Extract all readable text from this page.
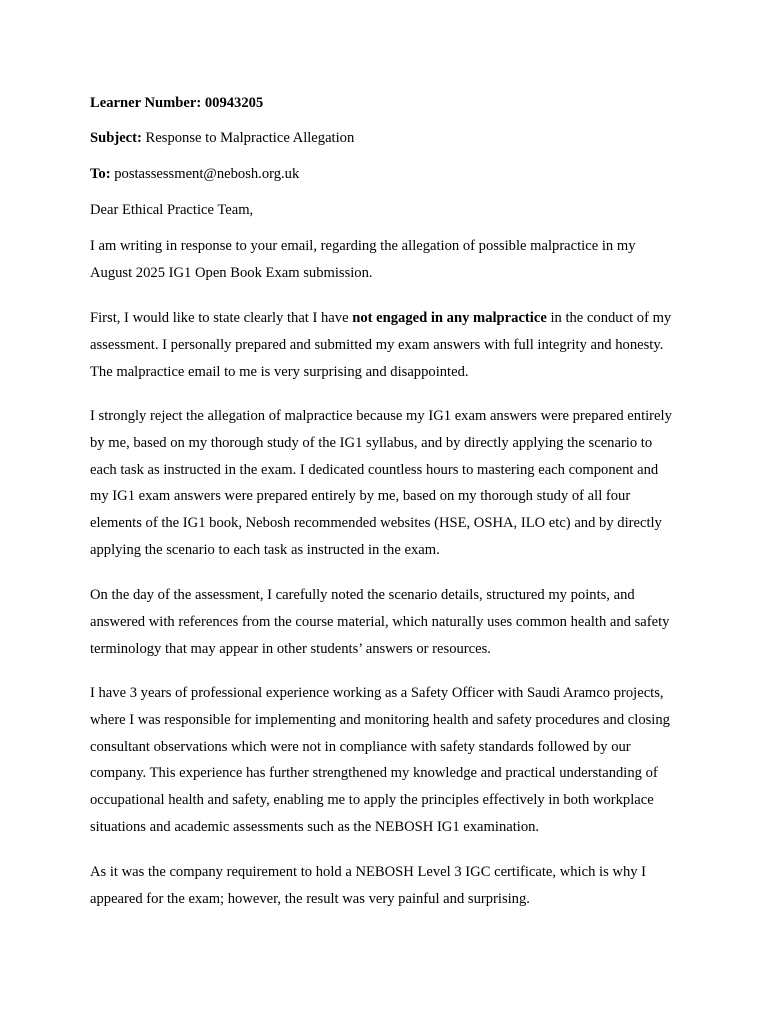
Learner Number: 00943205
Subject: Response to Malpractice Allegation
To: postassessment@nebosh.org.uk
Dear Ethical Practice Team,

I am writing in response to your email, regarding the allegation of possible malpractice in my August 2025 IG1 Open Book Exam submission.

First, I would like to state clearly that I have not engaged in any malpractice in the conduct of my assessment. I personally prepared and submitted my exam answers with full integrity and honesty. The malpractice email to me is very surprising and disappointed.

I strongly reject the allegation of malpractice because my IG1 exam answers were prepared entirely by me, based on my thorough study of the IG1 syllabus, and by directly applying the scenario to each task as instructed in the exam. I dedicated countless hours to mastering each component and my IG1 exam answers were prepared entirely by me, based on my thorough study of all four elements of the IG1 book, Nebosh recommended websites (HSE, OSHA, ILO etc) and by directly applying the scenario to each task as instructed in the exam.

On the day of the assessment, I carefully noted the scenario details, structured my points, and answered with references from the course material, which naturally uses common health and safety terminology that may appear in other students’ answers or resources.

I have 3 years of professional experience working as a Safety Officer with Saudi Aramco projects, where I was responsible for implementing and monitoring health and safety procedures and closing consultant observations which were not in compliance with safety standards followed by our company. This experience has further strengthened my knowledge and practical understanding of occupational health and safety, enabling me to apply the principles effectively in both workplace situations and academic assessments such as the NEBOSH IG1 examination.

As it was the company requirement to hold a NEBOSH Level 3 IGC certificate, which is why I appeared for the exam; however, the result was very painful and surprising.
